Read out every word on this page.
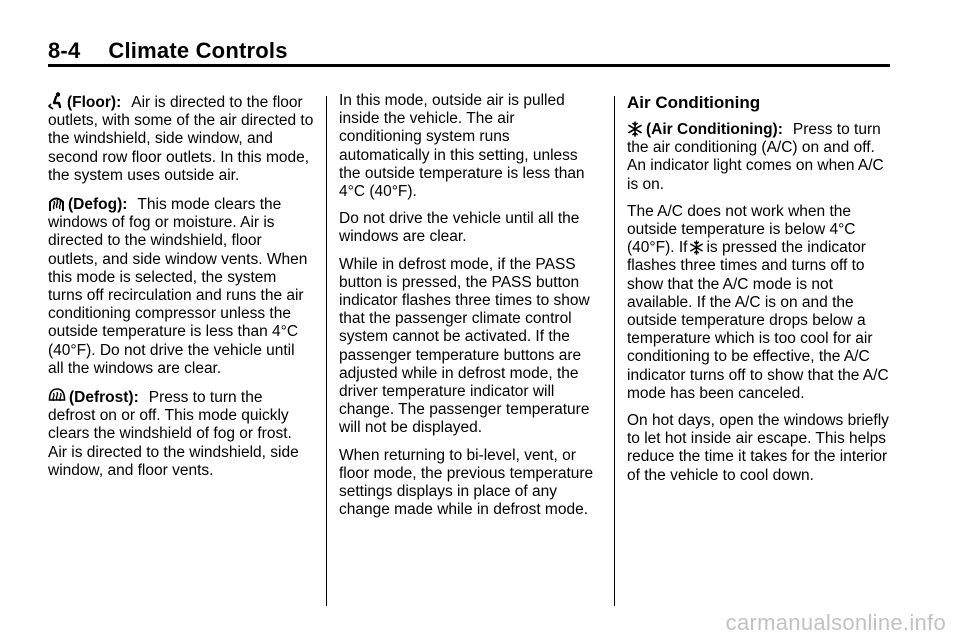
8-4 Climate Controls

(Floor): Air is directed to the floor outlets, with some of the air directed to the windshield, side window, and second row floor outlets. In this mode, the system uses outside air.

(Defog): This mode clears the windows of fog or moisture. Air is directed to the windshield, floor outlets, and side window vents. When this mode is selected, the system turns off recirculation and runs the air conditioning compressor unless the outside temperature is less than 4°C (40°F). Do not drive the vehicle until all the windows are clear.

(Defrost): Press to turn the defrost on or off. This mode quickly clears the windshield of fog or frost. Air is directed to the windshield, side window, and floor vents.

In this mode, outside air is pulled inside the vehicle. The air conditioning system runs automatically in this setting, unless the outside temperature is less than 4°C (40°F).

Do not drive the vehicle until all the windows are clear.

While in defrost mode, if the PASS button is pressed, the PASS button indicator flashes three times to show that the passenger climate control system cannot be activated. If the passenger temperature buttons are adjusted while in defrost mode, the driver temperature indicator will change. The passenger temperature will not be displayed.

When returning to bi-level, vent, or floor mode, the previous temperature settings displays in place of any change made while in defrost mode.

Air Conditioning

(Air Conditioning): Press to turn the air conditioning (A/C) on and off. An indicator light comes on when A/C is on.

The A/C does not work when the outside temperature is below 4°C (40°F). If is pressed the indicator flashes three times and turns off to show that the A/C mode is not available. If the A/C is on and the outside temperature drops below a temperature which is too cool for air conditioning to be effective, the A/C indicator turns off to show that the A/C mode has been canceled.

On hot days, open the windows briefly to let hot inside air escape. This helps reduce the time it takes for the interior of the vehicle to cool down.

carmanualsonline.info
